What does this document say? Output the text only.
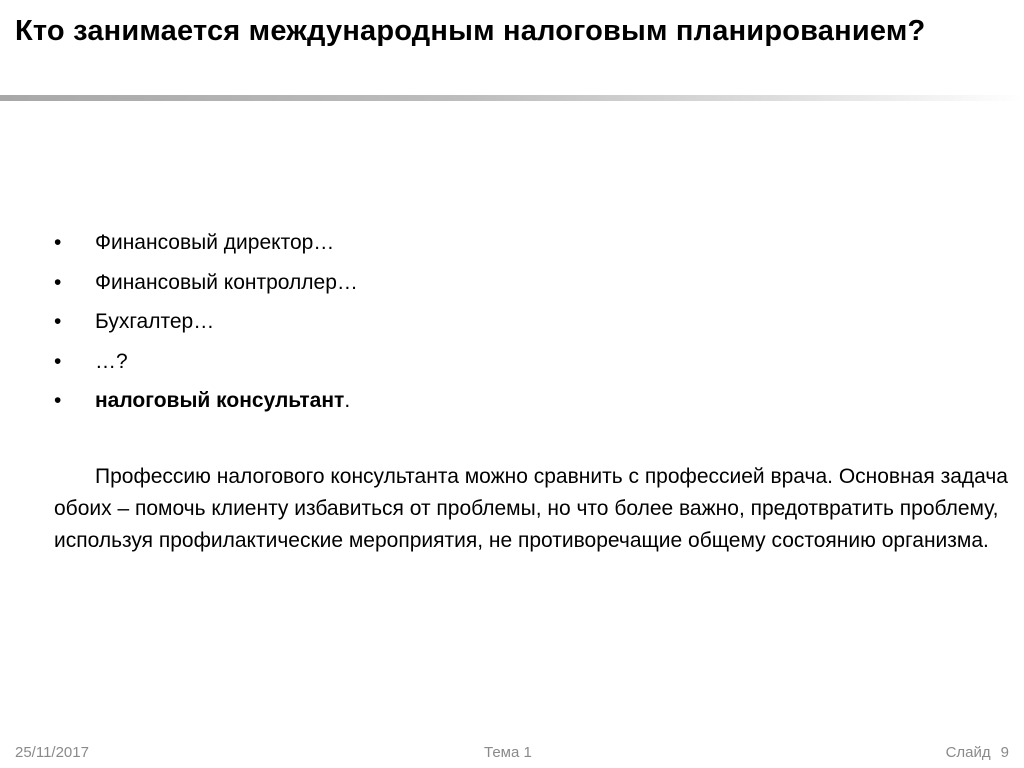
Кто занимается международным налоговым планированием?
•	Финансовый директор…
•	Финансовый контроллер…
•	Бухгалтер…
•	…?
•	налоговый консультант.

Профессию налогового консультанта можно сравнить с профессией врача. Основная задача обоих – помочь клиенту избавиться от проблемы, но что более важно, предотвратить проблему, используя профилактические мероприятия, не противоречащие общему состоянию организма.

25/11/2017	Тема 1	Слайд 9
